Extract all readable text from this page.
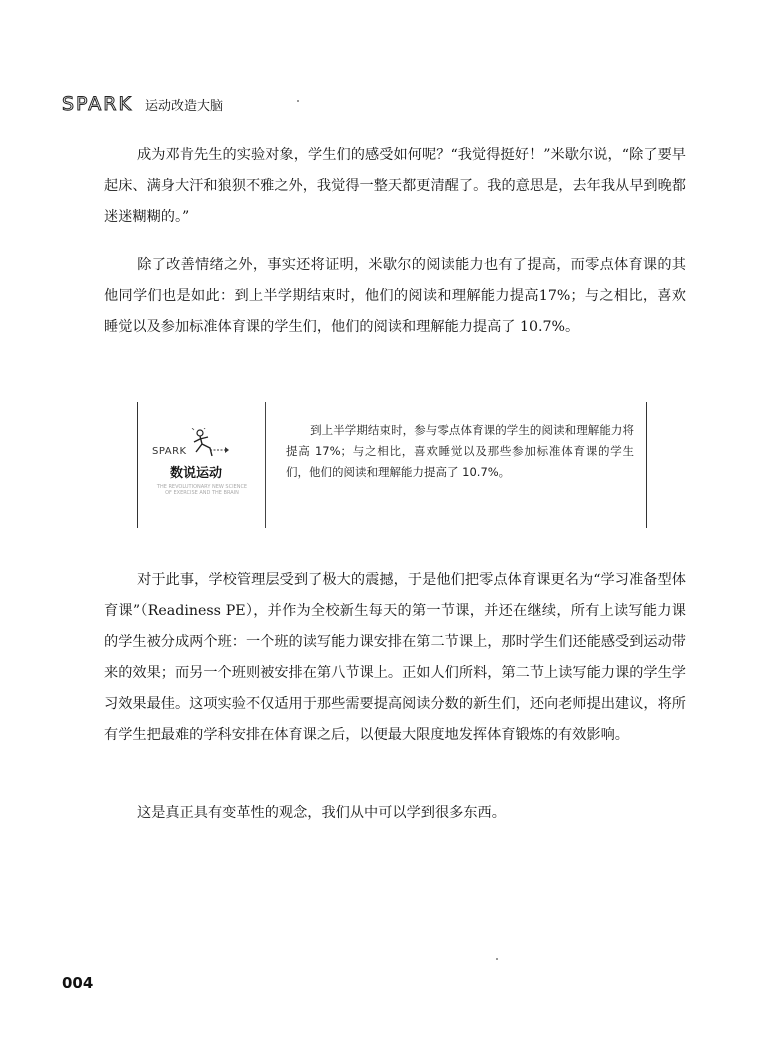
SPARK 运动改造大脑

成为邓肯先生的实验对象，学生们的感受如何呢？“我觉得挺好！”米歇尔说，“除了要早起床、满身大汗和狼狈不雅之外，我觉得一整天都更清醒了。我的意思是，去年我从早到晚都迷迷糊糊的。”

除了改善情绪之外，事实还将证明，米歇尔的阅读能力也有了提高，而零点体育课的其他同学们也是如此：到上半学期结束时，他们的阅读和理解能力提高17%；与之相比，喜欢睡觉以及参加标准体育课的学生们，他们的阅读和理解能力提高了 10.7%。

SPARK
数说运动
THE REVOLUTIONARY NEW SCIENCE OF EXERCISE AND THE BRAIN

到上半学期结束时，参与零点体育课的学生的阅读和理解能力将提高 17%；与之相比，喜欢睡觉以及那些参加标准体育课的学生们，他们的阅读和理解能力提高了 10.7%。

对于此事，学校管理层受到了极大的震撼，于是他们把零点体育课更名为“学习准备型体育课”（Readiness PE），并作为全校新生每天的第一节课，并还在继续，所有上读写能力课的学生被分成两个班：一个班的读写能力课安排在第二节课上，那时学生们还能感受到运动带来的效果；而另一个班则被安排在第八节课上。正如人们所料，第二节上读写能力课的学生学习效果最佳。这项实验不仅适用于那些需要提高阅读分数的新生们，还向老师提出建议，将所有学生把最难的学科安排在体育课之后，以便最大限度地发挥体育锻炼的有效影响。

这是真正具有变革性的观念，我们从中可以学到很多东西。

004
